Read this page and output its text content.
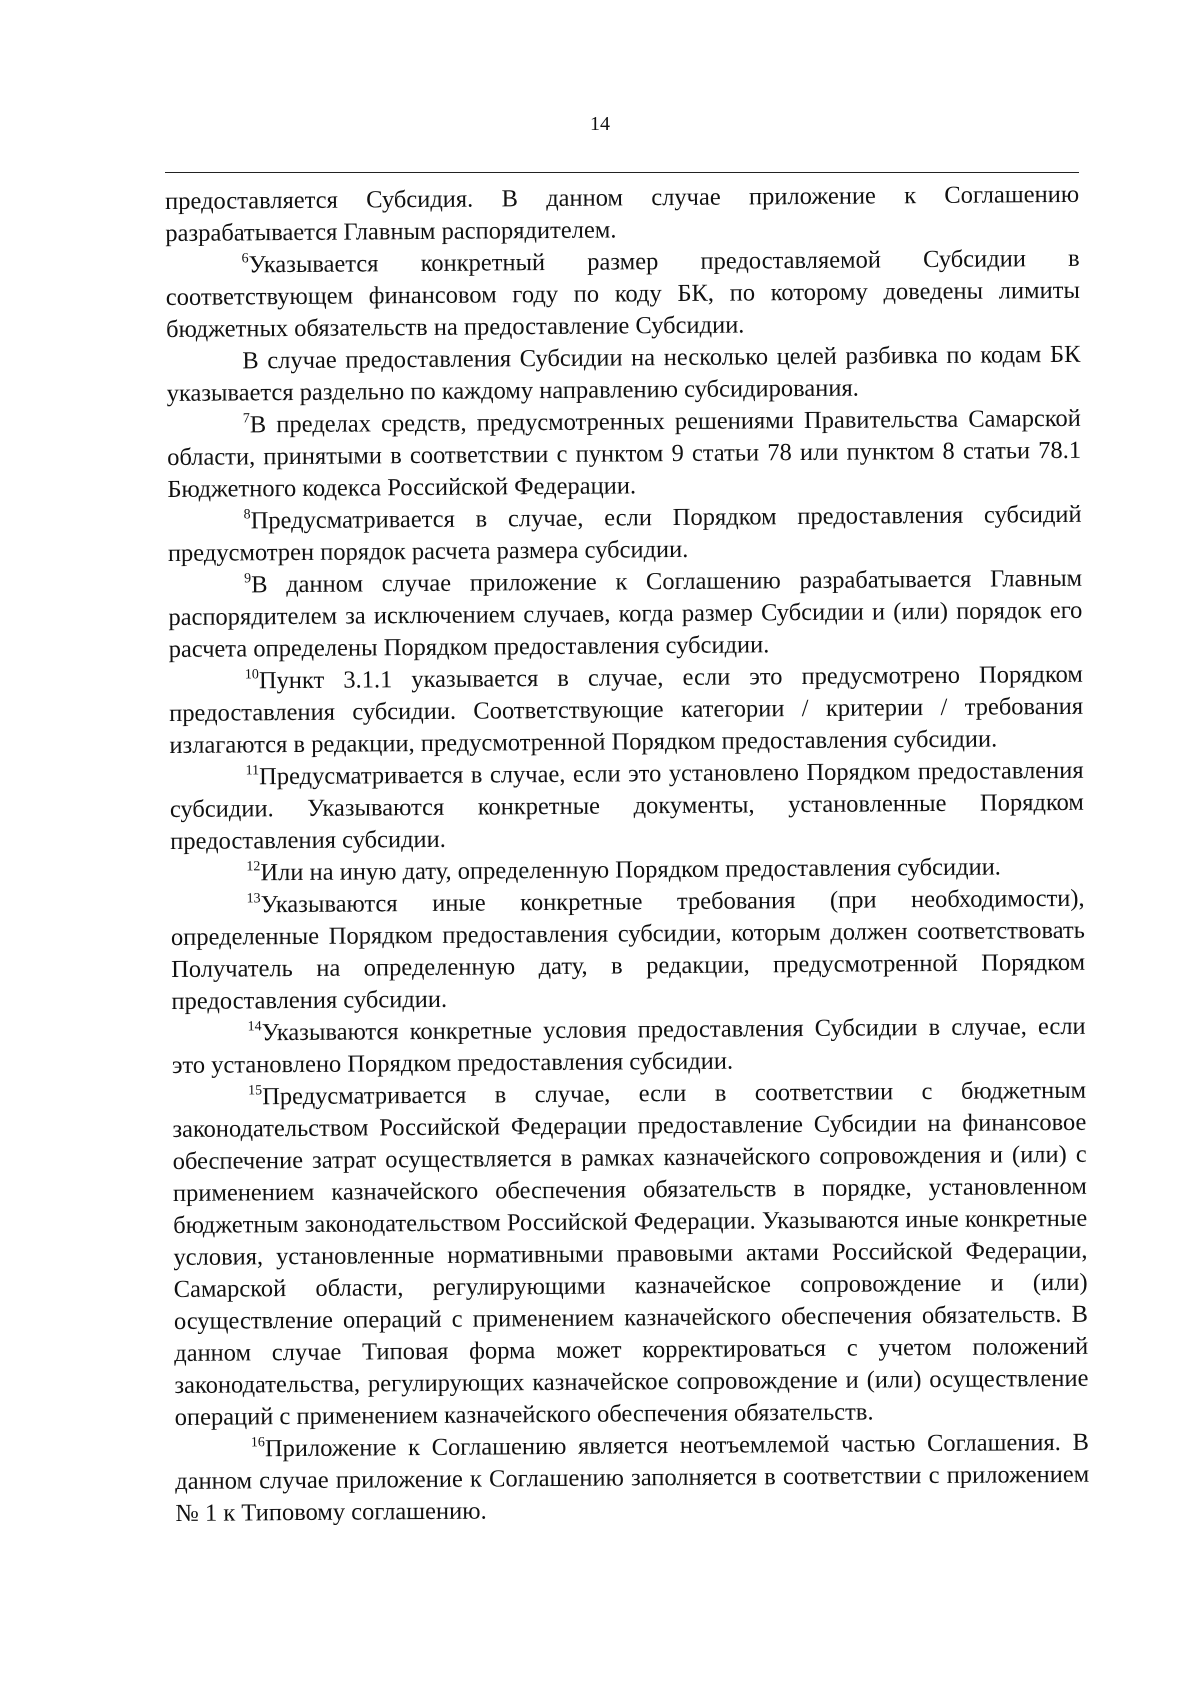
14

предоставляется Субсидия. В данном случае приложение к Соглашению разрабатывается Главным распорядителем.

$^6$Указывается конкретный размер предоставляемой Субсидии в соответствующем финансовом году по коду БК, по которому доведены лимиты бюджетных обязательств на предоставление Субсидии.

В случае предоставления Субсидии на несколько целей разбивка по кодам БК указывается раздельно по каждому направлению субсидирования.

$^7$В пределах средств, предусмотренных решениями Правительства Самарской области, принятыми в соответствии с пунктом 9 статьи 78 или пунктом 8 статьи 78.1 Бюджетного кодекса Российской Федерации.

$^8$Предусматривается в случае, если Порядком предоставления субсидий предусмотрен порядок расчета размера субсидии.

$^9$В данном случае приложение к Соглашению разрабатывается Главным распорядителем за исключением случаев, когда размер Субсидии и (или) порядок его расчета определены Порядком предоставления субсидии.

$^{10}$Пункт 3.1.1 указывается в случае, если это предусмотрено Порядком предоставления субсидии. Соответствующие категории / критерии / требования излагаются в редакции, предусмотренной Порядком предоставления субсидии.

$^{11}$Предусматривается в случае, если это установлено Порядком предоставления субсидии. Указываются конкретные документы, установленные Порядком предоставления субсидии.

$^{12}$Или на иную дату, определенную Порядком предоставления субсидии.

$^{13}$Указываются иные конкретные требования (при необходимости), определенные Порядком предоставления субсидии, которым должен соответствовать Получатель на определенную дату, в редакции, предусмотренной Порядком предоставления субсидии.

$^{14}$Указываются конкретные условия предоставления Субсидии в случае, если это установлено Порядком предоставления субсидии.

$^{15}$Предусматривается в случае, если в соответствии с бюджетным законодательством Российской Федерации предоставление Субсидии на финансовое обеспечение затрат осуществляется в рамках казначейского сопровождения и (или) с применением казначейского обеспечения обязательств в порядке, установленном бюджетным законодательством Российской Федерации. Указываются иные конкретные условия, установленные нормативными правовыми актами Российской Федерации, Самарской области, регулирующими казначейское сопровождение и (или) осуществление операций с применением казначейского обеспечения обязательств. В данном случае Типовая форма может корректироваться с учетом положений законодательства, регулирующих казначейское сопровождение и (или) осуществление операций с применением казначейского обеспечения обязательств.

$^{16}$Приложение к Соглашению является неотъемлемой частью Соглашения. В данном случае приложение к Соглашению заполняется в соответствии с приложением № 1 к Типовому соглашению.
